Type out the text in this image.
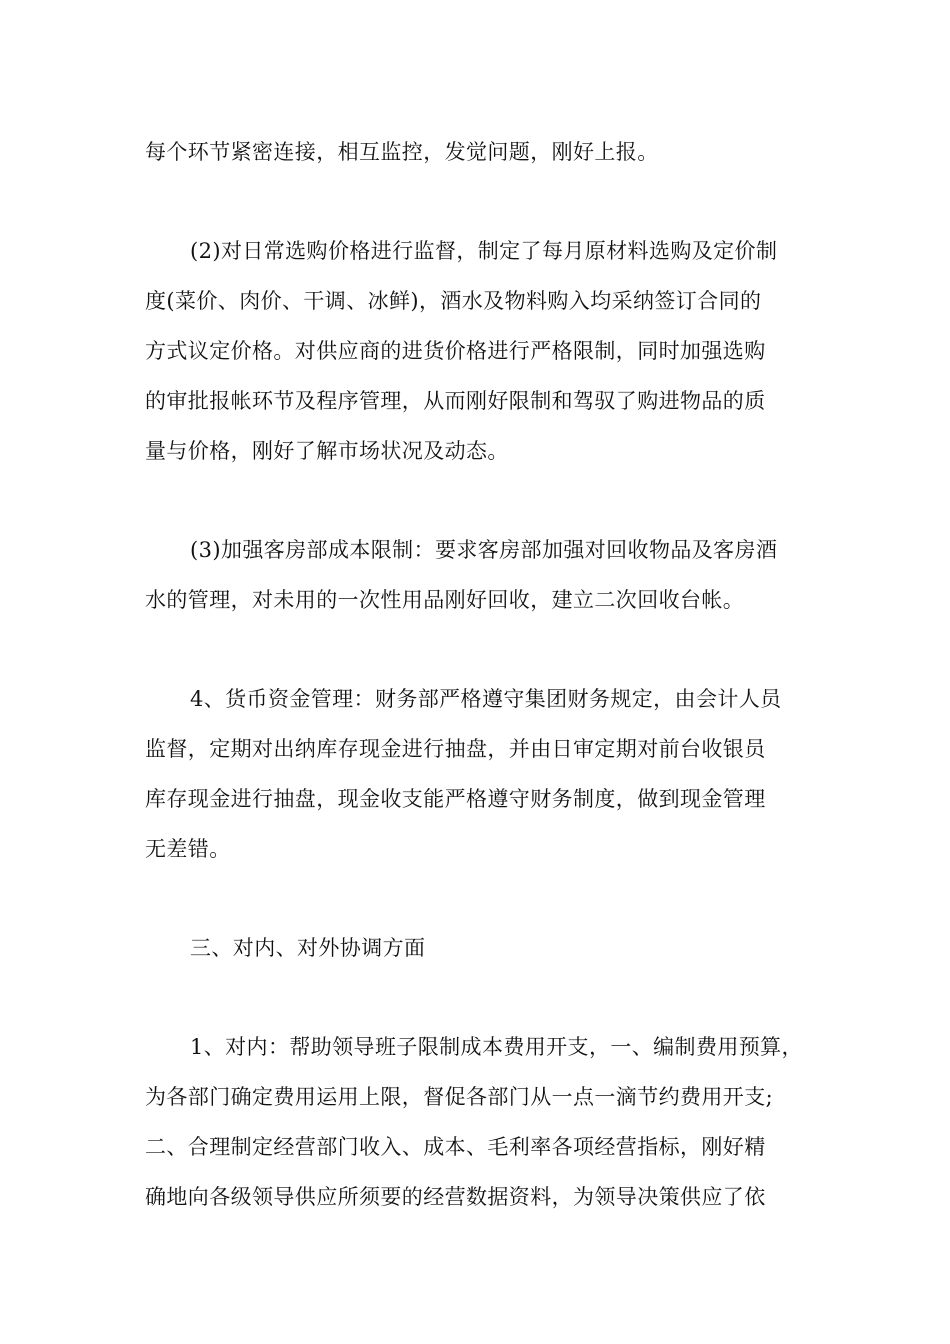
每个环节紧密连接，相互监控，发觉问题，刚好上报。
(2)对日常选购价格进行监督，制定了每月原材料选购及定价制
度(菜价、肉价、干调、冰鲜)，酒水及物料购入均采纳签订合同的
方式议定价格。对供应商的进货价格进行严格限制，同时加强选购
的审批报帐环节及程序管理，从而刚好限制和驾驭了购进物品的质
量与价格，刚好了解市场状况及动态。
(3)加强客房部成本限制：要求客房部加强对回收物品及客房酒
水的管理，对未用的一次性用品刚好回收，建立二次回收台帐。
4、货币资金管理：财务部严格遵守集团财务规定，由会计人员
监督，定期对出纳库存现金进行抽盘，并由日审定期对前台收银员
库存现金进行抽盘，现金收支能严格遵守财务制度，做到现金管理
无差错。
三、对内、对外协调方面
1、对内：帮助领导班子限制成本费用开支，一、编制费用预算，
为各部门确定费用运用上限，督促各部门从一点一滴节约费用开支;
二、合理制定经营部门收入、成本、毛利率各项经营指标，刚好精
确地向各级领导供应所须要的经营数据资料，为领导决策供应了依
